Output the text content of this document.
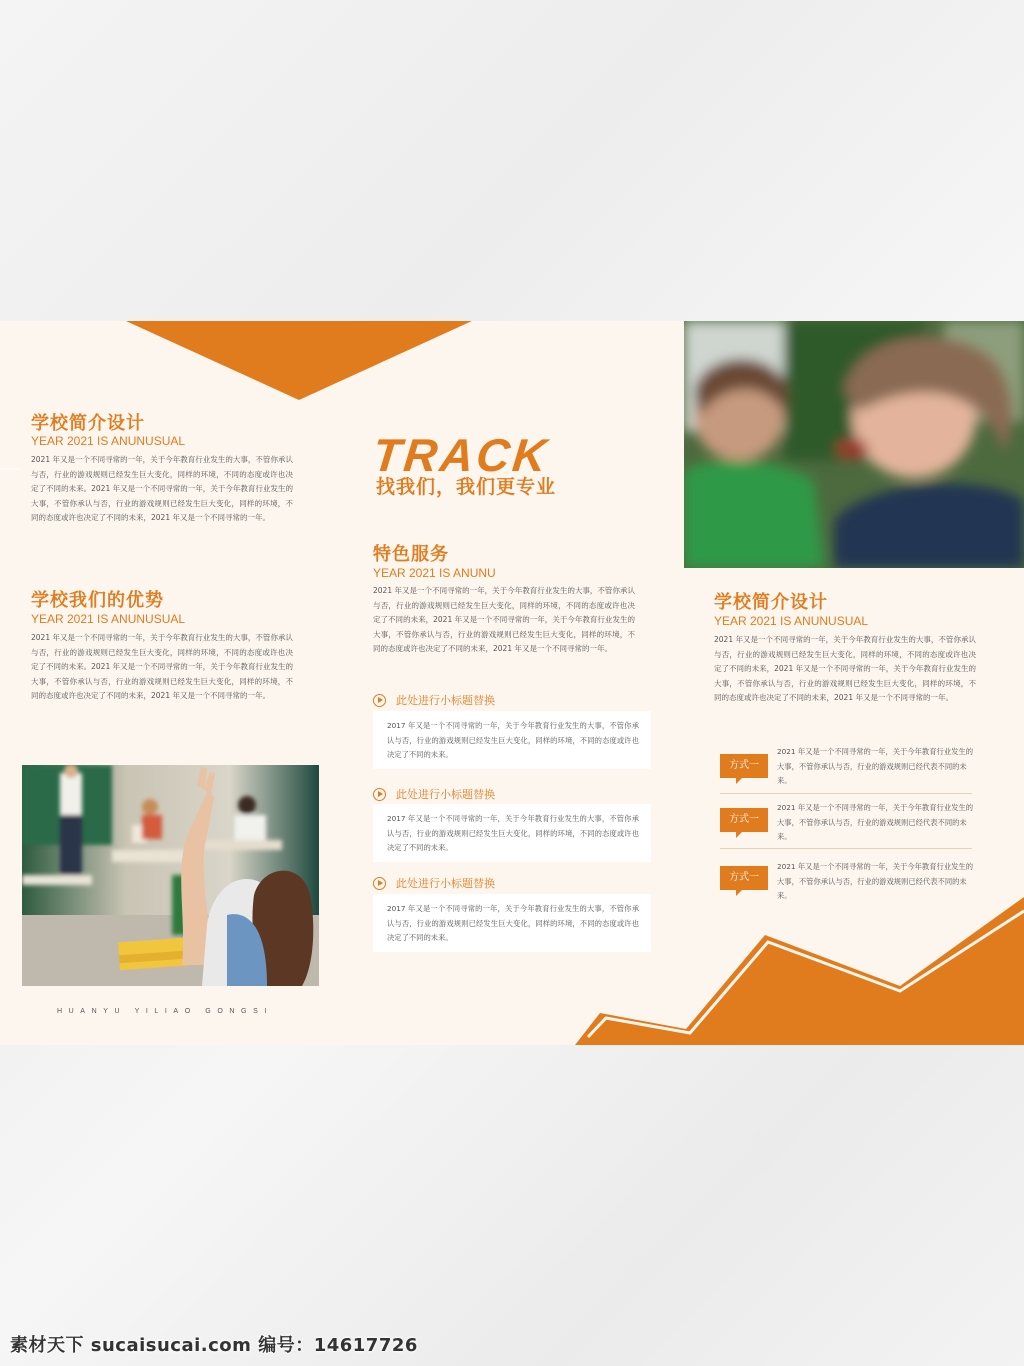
学校简介设计

YEAR 2021 IS ANUNUSUAL

2021 年又是一个不同寻常的一年，关于今年教育行业发生的大事，不管你承认与否，行业的游戏规则已经发生巨大变化，同样的环境，不同的态度或许也决定了不同的未来。2021 年又是一个不同寻常的一年，关于今年教育行业发生的大事，不管你承认与否，行业的游戏规则已经发生巨大变化，同样的环境，不同的态度或许也决定了不同的未来，2021 年又是一个不同寻常的一年。

学校我们的优势

YEAR 2021 IS ANUNUSUAL

2021 年又是一个不同寻常的一年，关于今年教育行业发生的大事，不管你承认与否，行业的游戏规则已经发生巨大变化，同样的环境，不同的态度或许也决定了不同的未来。2021 年又是一个不同寻常的一年，关于今年教育行业发生的大事，不管你承认与否，行业的游戏规则已经发生巨大变化，同样的环境，不同的态度或许也决定了不同的未来，2021 年又是一个不同寻常的一年。

HUANYU YILIAO GONGSI
TRACK
找我们，我们更专业
特色服务

YEAR 2021 IS ANUNU

2021 年又是一个不同寻常的一年，关于今年教育行业发生的大事，不管你承认与否，行业的游戏规则已经发生巨大变化，同样的环境，不同的态度或许也决定了不同的未来，2021 年又是一个不同寻常的一年，关于今年教育行业发生的大事，不管你承认与否，行业的游戏规则已经发生巨大变化，同样的环境，不同的态度或许也决定了不同的未来，2021 年又是一个不同寻常的一年。

此处进行小标题替换

2017 年又是一个不同寻常的一年，关于今年教育行业发生的大事，不管你承认与否，行业的游戏规则已经发生巨大变化，同样的环境，不同的态度或许也决定了不同的未来。

此处进行小标题替换

2017 年又是一个不同寻常的一年，关于今年教育行业发生的大事，不管你承认与否，行业的游戏规则已经发生巨大变化，同样的环境，不同的态度或许也决定了不同的未来。

此处进行小标题替换

2017 年又是一个不同寻常的一年，关于今年教育行业发生的大事，不管你承认与否，行业的游戏规则已经发生巨大变化，同样的环境，不同的态度或许也决定了不同的未来。

学校简介设计

YEAR 2021 IS ANUNUSUAL

2021 年又是一个不同寻常的一年，关于今年教育行业发生的大事，不管你承认与否，行业的游戏规则已经发生巨大变化，同样的环境，不同的态度或许也决定了不同的未来，2021 年又是一个不同寻常的一年，关于今年教育行业发生的大事，不管你承认与否，行业的游戏规则已经发生巨大变化，同样的环境，不同的态度或许也决定了不同的未来，2021 年又是一个不同寻常的一年。

方式一

2021 年又是一个不同寻常的一年，关于今年教育行业发生的大事，不管你承认与否，行业的游戏规则已经代表不同的未来。

方式一

2021 年又是一个不同寻常的一年，关于今年教育行业发生的大事，不管你承认与否，行业的游戏规则已经代表不同的未来。

方式一

2021 年又是一个不同寻常的一年，关于今年教育行业发生的大事，不管你承认与否，行业的游戏规则已经代表不同的未来。

素材天下 sucaisucai.com 编号：14617726
